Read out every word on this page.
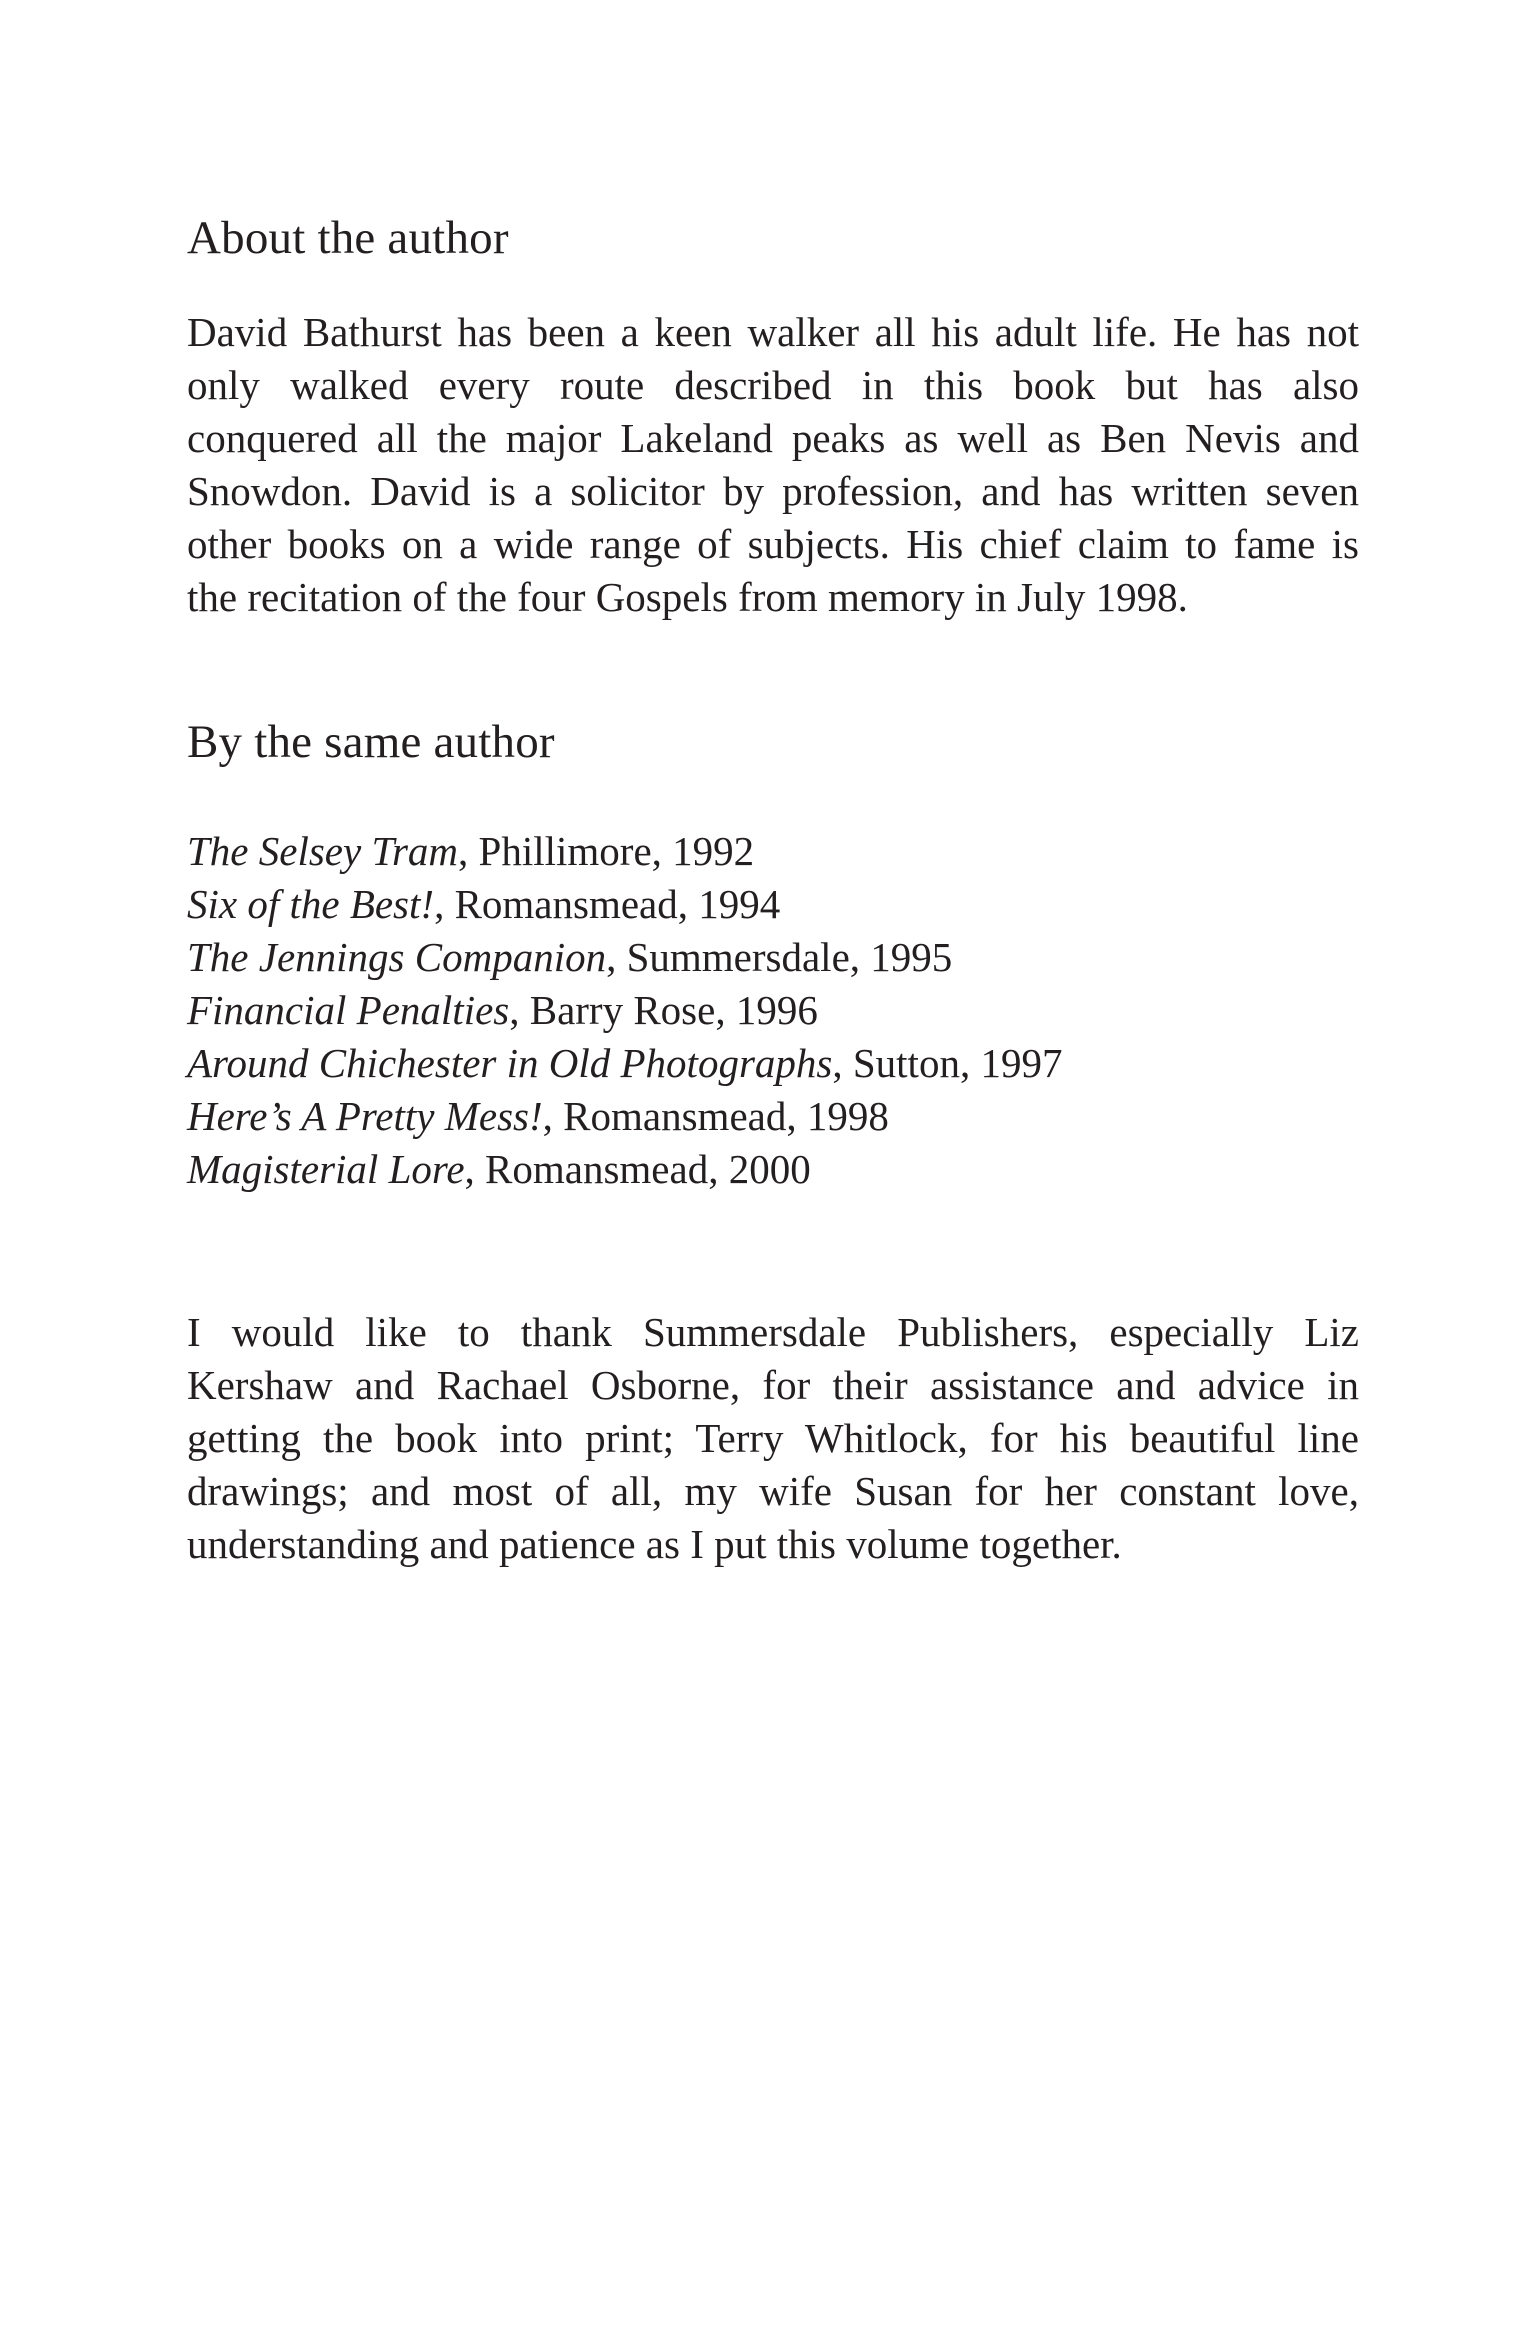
About the author

David Bathurst has been a keen walker all his adult life. He has not
only walked every route described in this book but has also
conquered all the major Lakeland peaks as well as Ben Nevis and
Snowdon. David is a solicitor by profession, and has written seven
other books on a wide range of subjects. His chief claim to fame is
the recitation of the four Gospels from memory in July 1998.

By the same author
The Selsey Tram, Phillimore, 1992
Six of the Best!, Romansmead, 1994
The Jennings Companion, Summersdale, 1995
Financial Penalties, Barry Rose, 1996
Around Chichester in Old Photographs, Sutton, 1997
Here’s A Pretty Mess!, Romansmead, 1998
Magisterial Lore, Romansmead, 2000

I would like to thank Summersdale Publishers, especially Liz
Kershaw and Rachael Osborne, for their assistance and advice in
getting the book into print; Terry Whitlock, for his beautiful line
drawings; and most of all, my wife Susan for her constant love,
understanding and patience as I put this volume together.
